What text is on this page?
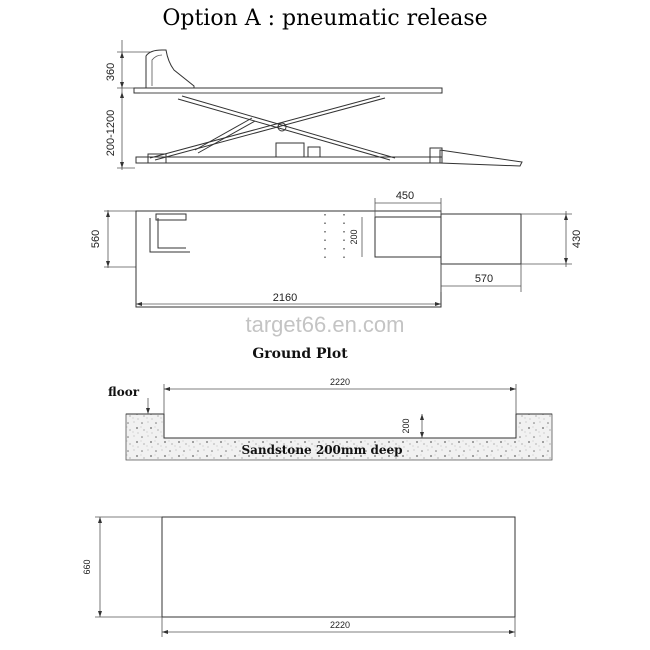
Option A : pneumatic release
360
200-1200
560
450
200	430
570
2160
target66.en.com
Ground Plot
floor
2220
200
Sandstone 200mm deep
660
2220
